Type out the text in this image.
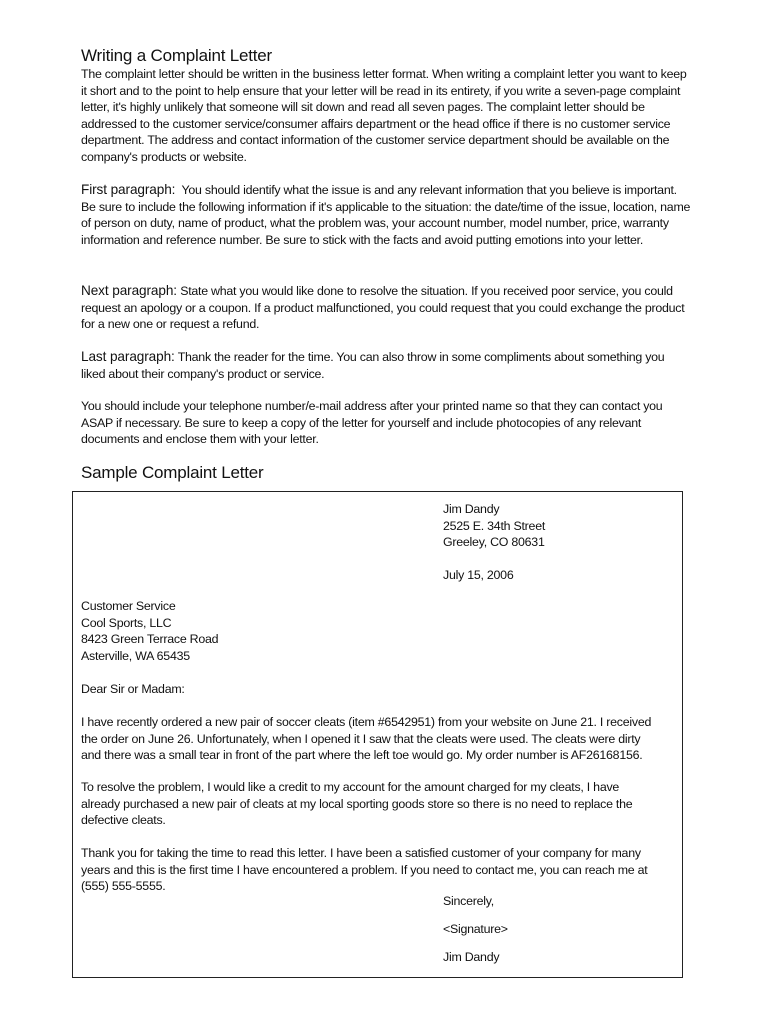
Writing a Complaint Letter

The complaint letter should be written in the business letter format. When writing a complaint letter you want to keep it short and to the point to help ensure that your letter will be read in its entirety, if you write a seven-page complaint letter, it's highly unlikely that someone will sit down and read all seven pages. The complaint letter should be addressed to the customer service/consumer affairs department or the head office if there is no customer service department. The address and contact information of the customer service department should be available on the company's products or website.

First paragraph: You should identify what the issue is and any relevant information that you believe is important. Be sure to include the following information if it's applicable to the situation: the date/time of the issue, location, name of person on duty, name of product, what the problem was, your account number, model number, price, warranty information and reference number. Be sure to stick with the facts and avoid putting emotions into your letter.

Next paragraph: State what you would like done to resolve the situation. If you received poor service, you could request an apology or a coupon. If a product malfunctioned, you could request that you could exchange the product for a new one or request a refund.

Last paragraph: Thank the reader for the time. You can also throw in some compliments about something you liked about their company's product or service.

You should include your telephone number/e-mail address after your printed name so that they can contact you ASAP if necessary. Be sure to keep a copy of the letter for yourself and include photocopies of any relevant documents and enclose them with your letter.

Sample Complaint Letter
Jim Dandy
2525 E. 34th Street
Greeley, CO 80631
July 15, 2006
Customer Service
Cool Sports, LLC
8423 Green Terrace Road
Asterville, WA 65435
Dear Sir or Madam:
I have recently ordered a new pair of soccer cleats (item #6542951) from your website on June 21. I received
the order on June 26. Unfortunately, when I opened it I saw that the cleats were used. The cleats were dirty
and there was a small tear in front of the part where the left toe would go. My order number is AF26168156.
To resolve the problem, I would like a credit to my account for the amount charged for my cleats, I have
already purchased a new pair of cleats at my local sporting goods store so there is no need to replace the
defective cleats.
Thank you for taking the time to read this letter. I have been a satisfied customer of your company for many
years and this is the first time I have encountered a problem. If you need to contact me, you can reach me at
(555) 555-5555.
Sincerely,
<Signature>
Jim Dandy
